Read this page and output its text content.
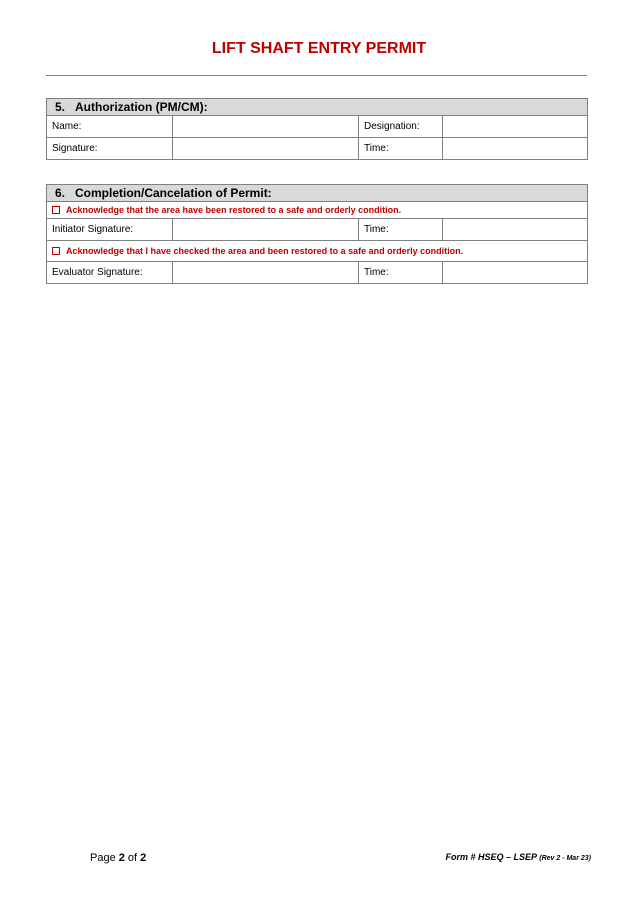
LIFT SHAFT ENTRY PERMIT
5. Authorization (PM/CM):			
Name:		Designation:	
Signature:		Time:	
6. Completion/Cancelation of Permit:			
Acknowledge that the area have been restored to a safe and orderly condition.			
Initiator Signature:		Time:	
Acknowledge that I have checked the area and been restored to a safe and orderly condition.			
Evaluator Signature:		Time:	
Page 2 of 2	Form # HSEQ – LSEP (Rev 2 - Mar 23)
